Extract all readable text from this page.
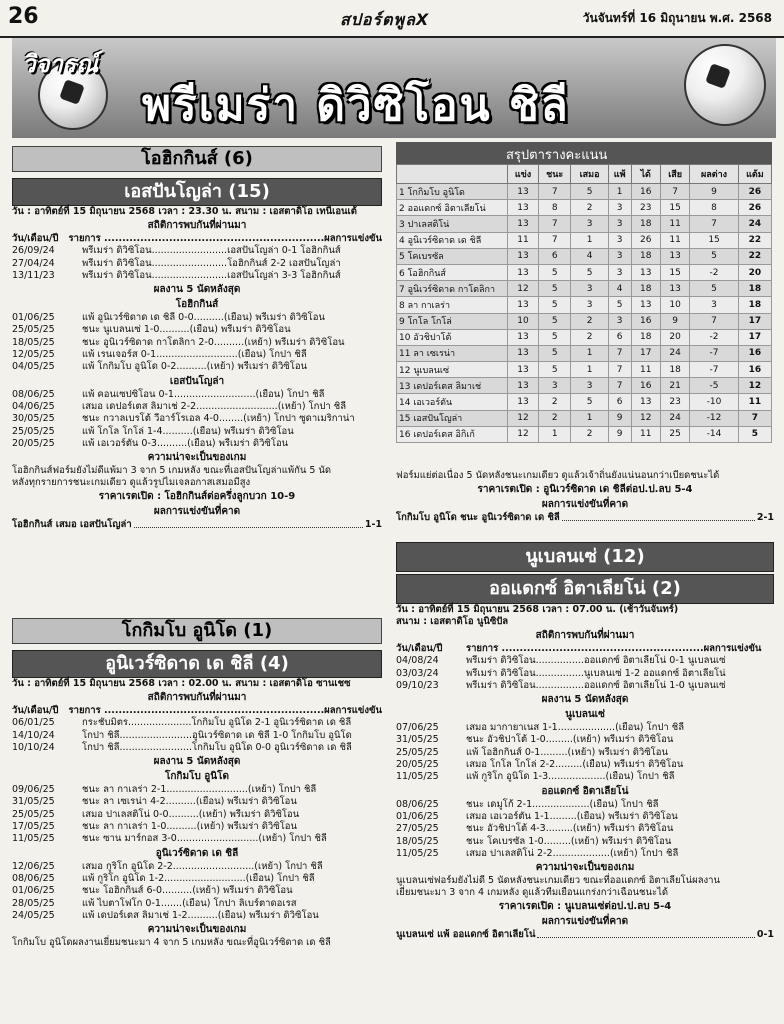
26	สปอร์ตพูลX	วันจันทร์ที่ 16 มิถุนายน พ.ศ. 2568
วิจารณ์
พรีเมร่า ดิวิซิโอน ชิลี
โอฮิกกินส์ (6)
เอสปันโญล่า (15)
วัน : อาทิตย์ที่ 15 มิถุนายน 2568 เวลา : 23.30 น. สนาม : เอสตาดิโอ เทนีเอนเต้
สถิติการพบกันที่ผ่านมา
วัน/เดือน/ปี	รายการ .............................................................ผลการแข่งขัน
26/09/24	พรีเมร่า ดิวิซิโอน.........................เอสปันโญล่า 0-1 โอฮิกกินส์
27/04/24	พรีเมร่า ดิวิซิโอน.........................โอฮิกกินส์ 2-2 เอสปันโญล่า
13/11/23	พรีเมร่า ดิวิซิโอน.........................เอสปันโญล่า 3-3 โอฮิกกินส์
ผลงาน 5 นัดหลังสุด
โอฮิกกินส์
01/06/25	แพ้ อูนิเวร์ซิดาด เด ชิลี 0-0..........(เยือน) พรีเมร่า ดิวิซิโอน
25/05/25	ชนะ นูเบลนเซ่ 1-0..........(เยือน) พรีเมร่า ดิวิซิโอน
18/05/25	ชนะ อูนิเวร์ซิดาด กาโตลิกา 2-0..........(เหย้า) พรีเมร่า ดิวิซิโอน
12/05/25	แพ้ เรนเจอร์ส 0-1...........................(เยือน) โกปา ชิลี
04/05/25	แพ้ โกกิมโบ อูนิโด 0-2..........(เหย้า) พรีเมร่า ดิวิซิโอน
เอสปันโญล่า
08/06/25	แพ้ คอนเซปซิโอน 0-1...........................(เยือน) โกปา ชิลี
04/06/25	เสมอ เดปอร์เตส ลิมาเช่ 2-2...........................(เหย้า) โกปา ชิลี
30/05/25	ชนะ กวาลเบรโต้ วีอาร์โรเอล 4-0........(เหย้า) โกปา ซูดาเมริกาน่า
25/05/25	แพ้ โกโล โกโล่ 1-4..........(เยือน) พรีเมร่า ดิวิซิโอน
20/05/25	แพ้ เอเวอร์ตัน 0-3..........(เยือน) พรีเมร่า ดิวิซิโอน
ความน่าจะเป็นของเกม
โอฮิกกินส์ฟอร์มยังไม่ดีแพ้มา 3 จาก 5 เกมหลัง ขณะที่เอสปันโญล่าแพ้กัน 5 นัด
หลังทุกรายการชนะเกมเดียว ดูแล้วรูปไมเจลอกาสเสมอมีสูง
ราคาเรตเปิด : โอฮิกกินส์ต่อครึ่งลูกบวก 10-9
ผลการแข่งขันที่คาด
โอฮิกกินส์ เสมอ เอสปันโญล่า	1-1
โกกิมโบ อูนิโด (1)
อูนิเวร์ซิดาด เด ชิลี (4)
วัน : อาทิตย์ที่ 15 มิถุนายน 2568 เวลา : 02.00 น. สนาม : เอสตาดิโอ ซานเชซ
สถิติการพบกันที่ผ่านมา
วัน/เดือน/ปี	รายการ .............................................................ผลการแข่งขัน
06/01/25	กระชับมิตร.....................โกกิมโบ อูนิโด 2-1 อูนิเวร์ซิดาด เด ชิลี
14/10/24	โกปา ชิลี........................อูนิเวร์ซิดาด เด ชิลี 1-0 โกกิมโบ อูนิโด
10/10/24	โกปา ชิลี........................โกกิมโบ อูนิโด 0-0 อูนิเวร์ซิดาด เด ชิลี
ผลงาน 5 นัดหลังสุด
โกกิมโบ อูนิโด
09/06/25	ชนะ ลา กาเลร่า 2-1...........................(เหย้า) โกปา ชิลี
31/05/25	ชนะ ลา เซเรน่า 4-2..........(เยือน) พรีเมร่า ดิวิซิโอน
25/05/25	เสมอ ปาเลสติโน่ 0-0..........(เหย้า) พรีเมร่า ดิวิซิโอน
17/05/25	ชนะ ลา กาเลร่า 1-0..........(เหย้า) พรีเมร่า ดิวิซิโอน
11/05/25	ชนะ ซาน มาร์กอส 3-0...........................(เหย้า) โกปา ชิลี
อูนิเวร์ซิดาด เด ชิลี
12/06/25	เสมอ กูริโก อูนิโด 2-2...........................(เหย้า) โกปา ชิลี
08/06/25	แพ้ กูริโก อูนิโด 1-2...........................(เยือน) โกปา ชิลี
01/06/25	ชนะ โอฮิกกินส์ 6-0..........(เหย้า) พรีเมร่า ดิวิซิโอน
28/05/25	แพ้ ไบตาโฟโก 0-1.......(เยือน) โกปา ลิเบร์ตาดอเรส
24/05/25	แพ้ เดปอร์เตส ลิมาเช่ 1-2..........(เยือน) พรีเมร่า ดิวิซิโอน
ความน่าจะเป็นของเกม
โกกิมโบ อูนิโดผลงานเยี่ยมชนะมา 4 จาก 5 เกมหลัง ขณะที่อูนิเวร์ซิดาด เด ชิลี
สรุปตารางคะแนน
	แข่ง	ชนะ	เสมอ	แพ้	ได้	เสีย	ผลต่าง	แต้ม
1 โกกิมโบ อูนิโด	13	7	5	1	16	7	9	26
2 ออแดกซ์ อิตาเลียโน่	13	8	2	3	23	15	8	26
3 ปาเลสติโน่	13	7	3	3	18	11	7	24
4 อูนิเวร์ซิดาด เด ชิลี	11	7	1	3	26	11	15	22
5 โคเบรซัล	13	6	4	3	18	13	5	22
6 โอฮิกกินส์	13	5	5	3	13	15	-2	20
7 อูนิเวร์ซิดาด กาโตลิกา	12	5	3	4	18	13	5	18
8 ลา กาเลร่า	13	5	3	5	13	10	3	18
9 โกโล โกโล่	10	5	2	3	16	9	7	17
10 อัวชิปาโต้	13	5	2	6	18	20	-2	17
11 ลา เซเรน่า	13	5	1	7	17	24	-7	16
12 นูเบลนเซ่	13	5	1	7	11	18	-7	16
13 เดปอร์เตส ลิมาเช่	13	3	3	7	16	21	-5	12
14 เอเวอร์ตัน	13	2	5	6	13	23	-10	11
15 เอสปันโญล่า	12	2	1	9	12	24	-12	7
16 เดปอร์เตส อิกิเก้	12	1	2	9	11	25	-14	5
ฟอร์มแย่ต่อเนื่อง 5 นัดหลังชนะเกมเดียว ดูแล้วเจ้าถิ่นยังแน่นอนกว่าเบียดชนะได้
ราคาเรตเปิด : อูนิเวร์ซิดาด เด ชิลีต่อป.ป.ลบ 5-4
ผลการแข่งขันที่คาด
โกกิมโบ อูนิโด ชนะ อูนิเวร์ซิดาด เด ชิลี	2-1
นูเบลนเซ่ (12)
ออแดกซ์ อิตาเลียโน่ (2)
วัน : อาทิตย์ที่ 15 มิถุนายน 2568 เวลา : 07.00 น. (เช้าวันจันทร์)
สนาม : เอสตาดิโอ นูนิซิปัล
สถิติการพบกันที่ผ่านมา
วัน/เดือน/ปี	รายการ ........................................................ผลการแข่งขัน
04/08/24	พรีเมร่า ดิวิซิโอน................ออแดกซ์ อิตาเลียโน่ 0-1 นูเบลนเซ่
03/03/24	พรีเมร่า ดิวิซิโอน................นูเบลนเซ่ 1-2 ออแดกซ์ อิตาเลียโน่
09/10/23	พรีเมร่า ดิวิซิโอน................ออแดกซ์ อิตาเลียโน่ 1-0 นูเบลนเซ่
ผลงาน 5 นัดหลังสุด
นูเบลนเซ่
07/06/25	เสมอ มากายาเนส 1-1...................(เยือน) โกปา ชิลี
31/05/25	ชนะ อัวชิปาโต้ 1-0.........(เหย้า) พรีเมร่า ดิวิซิโอน
25/05/25	แพ้ โอฮิกกินส์ 0-1.........(เหย้า) พรีเมร่า ดิวิซิโอน
20/05/25	เสมอ โกโล โกโล่ 2-2.........(เยือน) พรีเมร่า ดิวิซิโอน
11/05/25	แพ้ กูริโก อูนิโด 1-3...................(เยือน) โกปา ชิลี
ออแดกซ์ อิตาเลียโน่
08/06/25	ชนะ เดมูโก้ 2-1...................(เยือน) โกปา ชิลี
01/06/25	เสมอ เอเวอร์ตัน 1-1.........(เยือน) พรีเมร่า ดิวิซิโอน
27/05/25	ชนะ อัวชิปาโต้ 4-3.........(เหย้า) พรีเมร่า ดิวิซิโอน
18/05/25	ชนะ โคเบรซัล 1-0.........(เหย้า) พรีเมร่า ดิวิซิโอน
11/05/25	เสมอ ปาเลสติโน่ 2-2...................(เหย้า) โกปา ชิลี
ความน่าจะเป็นของเกม
นูเบลนเซ่ฟอร์มยังไม่ดี 5 นัดหลังชนะเกมเดียว ขณะที่ออแดกซ์ อิตาเลียโน่ผลงาน
เยี่ยมชนะมา 3 จาก 4 เกมหลัง ดูแล้วทีมเยือนแกร่งกว่าเฉือนชนะได้
ราคาเรตเปิด : นูเบลนเซ่ต่อป.ป.ลบ 5-4
ผลการแข่งขันที่คาด
นูเบลนเซ่ แพ้ ออแดกซ์ อิตาเลียโน่	0-1
